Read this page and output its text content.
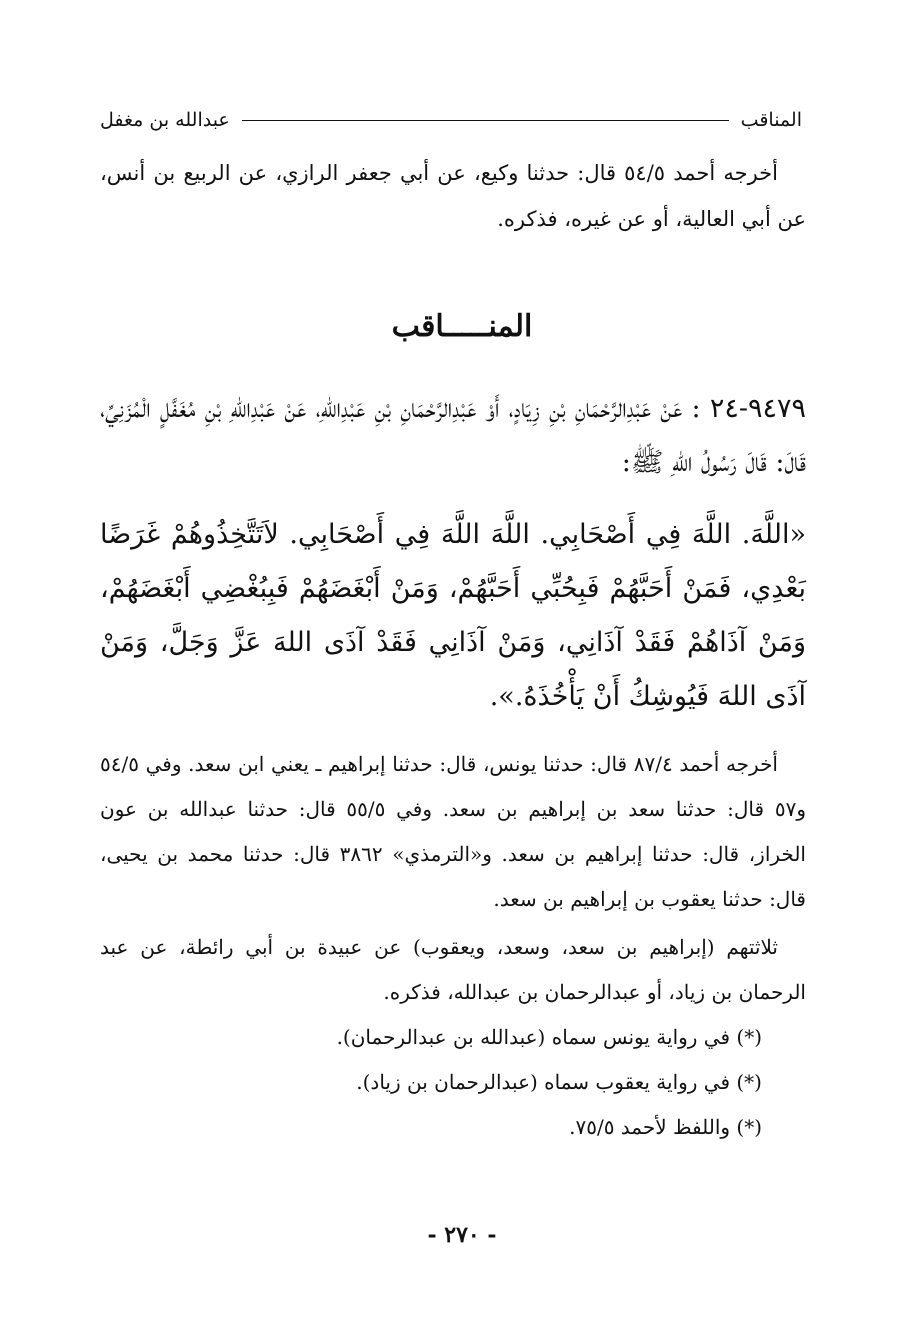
المناقب
عبدالله بن مغفل

أخرجه أحمد ٥٤/٥ قال: حدثنا وكيع، عن أبي جعفر الرازي، عن الربيع بن أنس، عن أبي العالية، أو عن غيره، فذكره.

المنـــــاقب

٩٤٧٩-٢٤ : عَنْ عَبْدِالرَّحْمَانِ بْنِ زِيَادٍ، أَوْ عَبْدِالرَّحْمَانِ بْنِ عَبْدِاللهِ، عَنْ عَبْدِاللهِ بْنِ مُغَفَّلٍ الْمُزَنِيِّ، قَالَ: قَالَ رَسُولُ اللهِ ﷺ:

«اللَّهَ. اللَّهَ فِي أَصْحَابِي. اللَّهَ اللَّهَ فِي أَصْحَابِي. لاَتَتَّخِذُوهُمْ غَرَضًا بَعْدِي، فَمَنْ أَحَبَّهُمْ فَبِحُبِّي أَحَبَّهُمْ، وَمَنْ أَبْغَضَهُمْ فَبِبُغْضِي أَبْغَضَهُمْ، وَمَنْ آذَاهُمْ فَقَدْ آذَانِي، وَمَنْ آذَانِي فَقَدْ آذَى اللهَ عَزَّ وَجَلَّ، وَمَنْ آذَى اللهَ فَيُوشِكُ أَنْ يَأْخُذَهُ.».

أخرجه أحمد ٨٧/٤ قال: حدثنا يونس، قال: حدثنا إبراهيم ـ يعني ابن سعد. وفي ٥٤/٥ و٥٧ قال: حدثنا سعد بن إبراهيم بن سعد. وفي ٥٥/٥ قال: حدثنا عبدالله بن عون الخراز، قال: حدثنا إبراهيم بن سعد. و«الترمذي» ٣٨٦٢ قال: حدثنا محمد بن يحيى، قال: حدثنا يعقوب بن إبراهيم بن سعد.

ثلاثتهم (إبراهيم بن سعد، وسعد، ويعقوب) عن عبيدة بن أبي رائطة، عن عبد الرحمان بن زياد، أو عبدالرحمان بن عبدالله، فذكره.

(*) في رواية يونس سماه (عبدالله بن عبدالرحمان).
(*) في رواية يعقوب سماه (عبدالرحمان بن زياد).
(*) واللفظ لأحمد ٧٥/٥.
- ٢٧٠ -
